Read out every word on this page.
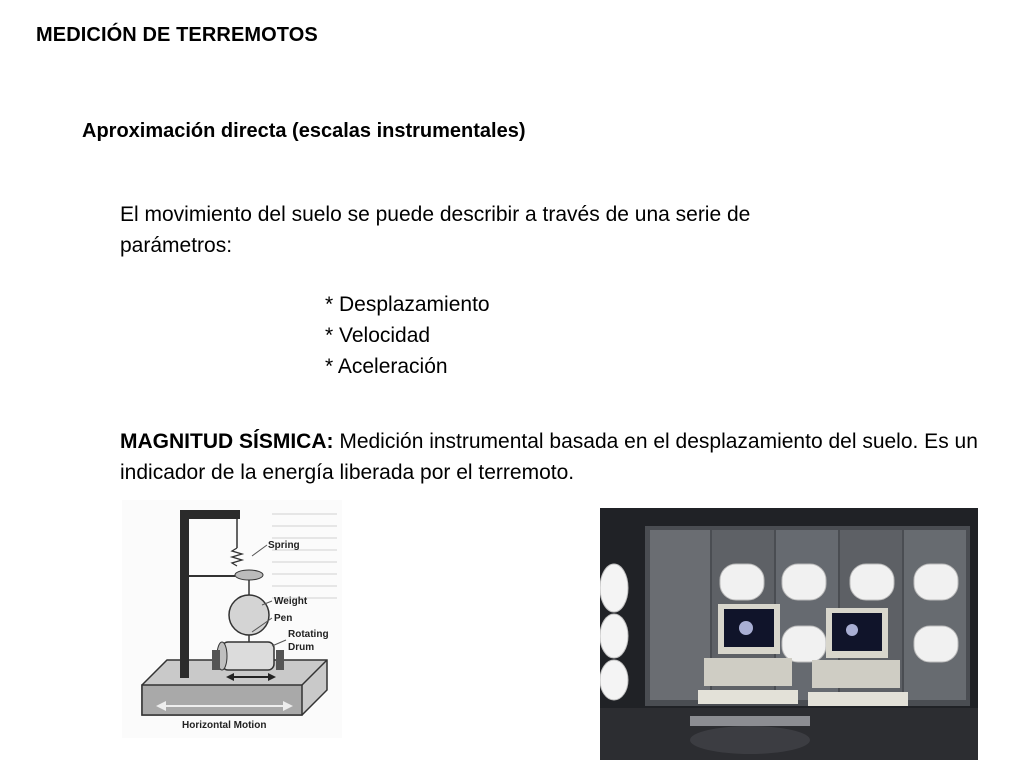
MEDICIÓN DE TERREMOTOS
Aproximación directa (escalas instrumentales)
El movimiento del suelo se puede describir a través de una serie de parámetros:
* Desplazamiento
* Velocidad
* Aceleración
MAGNITUD SÍSMICA: Medición instrumental basada en el desplazamiento del suelo. Es un indicador de la energía liberada por el terremoto.
Spring
Weight
Pen
Rotating
Drum
Horizontal Motion
